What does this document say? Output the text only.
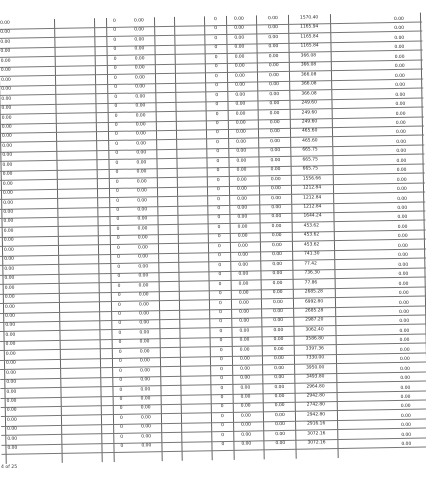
0.00	0	0.00	0	0.00	0.00	1570.40	0.00
0.00	0	0.00	0	0.00	0.00	1165.94	0.00
0.00	0	0.00	0	0.00	0.00	1165.84	0.00
0.00	0	0.00	0	0.00	0.00	1165.84	0.00
0.00	0	0.00	0	0.00	0.00	366.08	0.00
0.00	0	0.00	0	0.00	0.00	366.08	0.00
0.00	0	0.00	0	0.00	0.00	366.08	0.00
0.00	0	0.00	0	0.00	0.00	366.08	0.00
0.00	0	0.00	0	0.00	0.00	366.08	0.00
0.00	0	0.00	0	0.00	0.00	249.60	0.00
0.00	0	0.00	0	0.00	0.00	249.60	0.00
0.00	0	0.00	0	0.00	0.00	249.60	0.00
0.00	0	0.00	0	0.00	0.00	465.60	0.00
0.00	0	0.00	0	0.00	0.00	465.60	0.00
0.00	0	0.00	0	0.00	0.00	665.75	0.00
0.00	0	0.00	0	0.00	0.00	665.75	0.00
0.00	0	0.00	0	0.00	0.00	665.75	0.00
0.00	0	0.00	0	0.00	0.00	1556.66	0.00
0.00	0	0.00	0	0.00	0.00	1212.84	0.00
0.00	0	0.00	0	0.00	0.00	1212.84	0.00
0.00	0	0.00	0	0.00	0.00	1212.84	0.00
0.00	0	0.00	0	0.00	0.00	1644.24	0.00
0.00	0	0.00	0	0.00	0.00	453.62	0.00
0.00	0	0.00	0	0.00	0.00	453.62	0.00
0.00	0	0.00	0	0.00	0.00	453.62	0.00
0.00	0	0.00	0	0.00	0.00	741.30	0.00
0.00	0	0.00	0	0.00	0.00	77.42	0.00
0.00	0	0.00	0	0.00	0.00	736.30	0.00
0.00	0	0.00	0	0.00	0.00	77.86	0.00
0.00	0	0.00	0	0.00	0.00	2685.28	0.00
0.00	0	0.00	0	0.00	0.00	6992.80	0.00
0.00	0	0.00	0	0.00	0.00	2685.28	0.00
0.00	0	0.00	0	0.00	0.00	2987.20	0.00
0.00	0	0.00	0	0.00	0.00	3062.40	0.00
0.00	0	0.00	0	0.00	0.00	3586.80	0.00
0.00	0	0.00	0	0.00	0.00	3397.36	0.00
0.00	0	0.00	0	0.00	0.00	7330.00	0.00
0.00	0	0.00	0	0.00	0.00	3950.00	0.00
0.00	0	0.00	0	0.00	0.00	3493.80	0.00
0.00	0	0.00	0	0.00	0.00	2964.80	0.00
0.00	0	0.00	0	0.00	0.00	2942.80	0.00
0.00	0	0.00	0	0.00	0.00	2742.80	0.00
0.00	0	0.00	0	0.00	0.00	2942.80	0.00
0.00	0	0.00	0	0.00	0.00	2916.16	0.00
0.00	0	0.00	0	0.00	0.00	3072.16	0.00
0.00	0	0.00	0	0.00	0.00	3072.16	0.00
4 of 25
